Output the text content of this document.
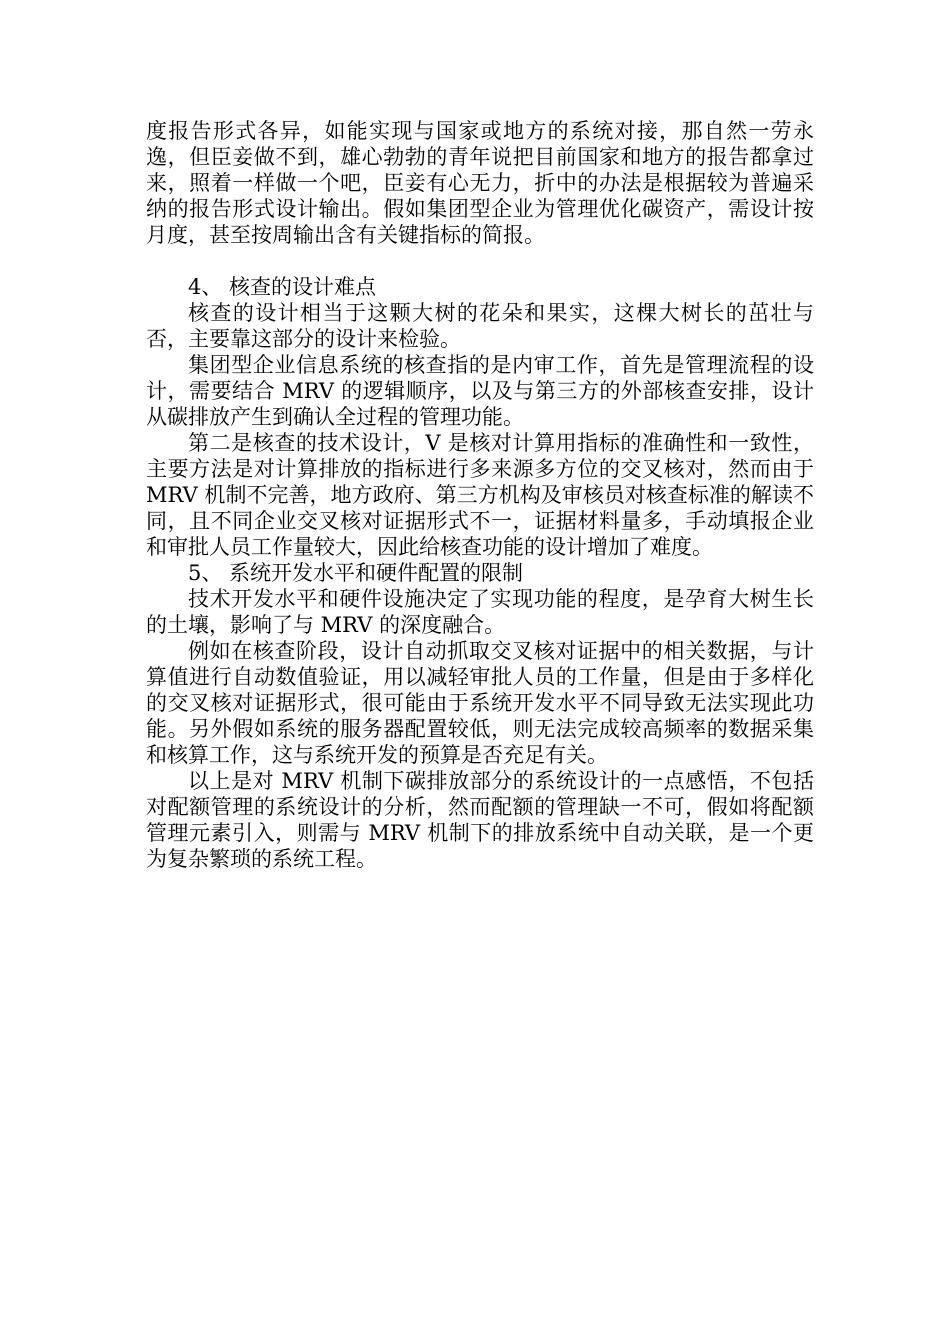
度报告形式各异，如能实现与国家或地方的系统对接，那自然一劳永逸，但臣妾做不到，雄心勃勃的青年说把目前国家和地方的报告都拿过来，照着一样做一个吧，臣妾有心无力，折中的办法是根据较为普遍采纳的报告形式设计输出。假如集团型企业为管理优化碳资产，需设计按月度，甚至按周输出含有关键指标的简报。

4、 核查的设计难点

核查的设计相当于这颗大树的花朵和果实，这棵大树长的茁壮与否，主要靠这部分的设计来检验。

集团型企业信息系统的核查指的是内审工作，首先是管理流程的设计，需要结合 MRV 的逻辑顺序，以及与第三方的外部核查安排，设计从碳排放产生到确认全过程的管理功能。

第二是核查的技术设计，V 是核对计算用指标的准确性和一致性，主要方法是对计算排放的指标进行多来源多方位的交叉核对，然而由于 MRV 机制不完善，地方政府、第三方机构及审核员对核查标准的解读不同，且不同企业交叉核对证据形式不一，证据材料量多，手动填报企业和审批人员工作量较大，因此给核查功能的设计增加了难度。

5、 系统开发水平和硬件配置的限制

技术开发水平和硬件设施决定了实现功能的程度，是孕育大树生长的土壤，影响了与 MRV 的深度融合。

例如在核查阶段，设计自动抓取交叉核对证据中的相关数据，与计算值进行自动数值验证，用以减轻审批人员的工作量，但是由于多样化的交叉核对证据形式，很可能由于系统开发水平不同导致无法实现此功能。另外假如系统的服务器配置较低，则无法完成较高频率的数据采集和核算工作，这与系统开发的预算是否充足有关。

以上是对 MRV 机制下碳排放部分的系统设计的一点感悟，不包括对配额管理的系统设计的分析，然而配额的管理缺一不可，假如将配额管理元素引入，则需与 MRV 机制下的排放系统中自动关联，是一个更为复杂繁琐的系统工程。
